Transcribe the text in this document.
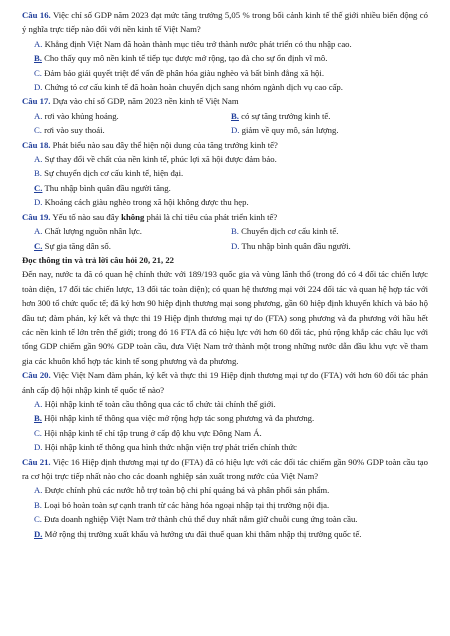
Câu 16. Việc chỉ số GDP năm 2023 đạt mức tăng trưởng 5,05 % trong bối cảnh kinh tế thế giới nhiều biến động có ý nghĩa trực tiếp nào đối với nền kinh tế Việt Nam?
A. Khẳng định Việt Nam đã hoàn thành mục tiêu trở thành nước phát triển có thu nhập cao.
B. Cho thấy quy mô nền kinh tế tiếp tục được mở rộng, tạo đà cho sự ổn định vĩ mô.
C. Đảm bảo giải quyết triệt để vấn đề phân hóa giàu nghèo và bất bình đẳng xã hội.
D. Chứng tỏ cơ cấu kinh tế đã hoàn hoàn chuyển dịch sang nhóm ngành dịch vụ cao cấp.
Câu 17. Dựa vào chỉ số GDP, năm 2023 nền kinh tế Việt Nam
A. rơi vào khủng hoảng.	B. có sự tăng trưởng kinh tế.
C. rơi vào suy thoái.	D. giảm về quy mô, sản lượng.
Câu 18. Phát biểu nào sau đây thể hiện nội dung của tăng trưởng kinh tế?
A. Sự thay đổi về chất của nền kinh tế, phúc lợi xã hội được đảm bảo.
B. Sự chuyển dịch cơ cấu kinh tế, hiện đại.
C. Thu nhập bình quân đầu người tăng.
D. Khoảng cách giàu nghèo trong xã hội không được thu hẹp.
Câu 19. Yếu tố nào sau đây không phải là chỉ tiêu của phát triển kinh tế?
A. Chất lượng nguồn nhân lực.	B. Chuyển dịch cơ cấu kinh tế.
C. Sự gia tăng dân số.	D. Thu nhập bình quân đầu người.
Đọc thông tin và trả lời câu hỏi 20, 21, 22
Đến nay, nước ta đã có quan hệ chính thức với 189/193 quốc gia và vùng lãnh thổ (trong đó có 4 đối tác chiến lược toàn diện, 17 đối tác chiến lược, 13 đối tác toàn diện); có quan hệ thương mại với 224 đối tác và quan hệ hợp tác với hơn 300 tổ chức quốc tế; đã ký hơn 90 hiệp định thương mại song phương, gần 60 hiệp định khuyến khích và bảo hộ đầu tư; đàm phán, ký kết và thực thi 19 Hiệp định thương mại tự do (FTA) song phương và đa phương với hầu hết các nền kinh tế lớn trên thế giới; trong đó 16 FTA đã có hiệu lực với hơn 60 đối tác, phủ rộng khắp các châu lục với tổng GDP chiếm gần 90% GDP toàn cầu, đưa Việt Nam trở thành một trong những nước dẫn đầu khu vực về tham gia các khuôn khổ hợp tác kinh tế song phương và đa phương.
Câu 20. Việc Việt Nam đàm phán, ký kết và thực thi 19 Hiệp định thương mại tự do (FTA) với hơn 60 đối tác phản ánh cấp độ hội nhập kinh tế quốc tế nào?
A. Hội nhập kinh tế toàn cầu thông qua các tổ chức tài chính thế giới.
B. Hội nhập kinh tế thông qua việc mở rộng hợp tác song phương và đa phương.
C. Hội nhập kinh tế chỉ tập trung ở cấp độ khu vực Đông Nam Á.
D. Hội nhập kinh tế thông qua hình thức nhận viện trợ phát triển chính thức
Câu 21. Việc 16 Hiệp định thương mại tự do (FTA) đã có hiệu lực với các đối tác chiếm gần 90% GDP toàn cầu tạo ra cơ hội trực tiếp nhất nào cho các doanh nghiệp sản xuất trong nước của Việt Nam?
A. Được chính phủ các nước hỗ trợ toàn bộ chi phí quảng bá và phân phối sản phẩm.
B. Loại bỏ hoàn toàn sự cạnh tranh từ các hàng hóa ngoại nhập tại thị trường nội địa.
C. Đưa doanh nghiệp Việt Nam trở thành chủ thể duy nhất nắm giữ chuỗi cung ứng toàn cầu.
D. Mở rộng thị trường xuất khẩu và hưởng ưu đãi thuế quan khi thâm nhập thị trường quốc tế.
